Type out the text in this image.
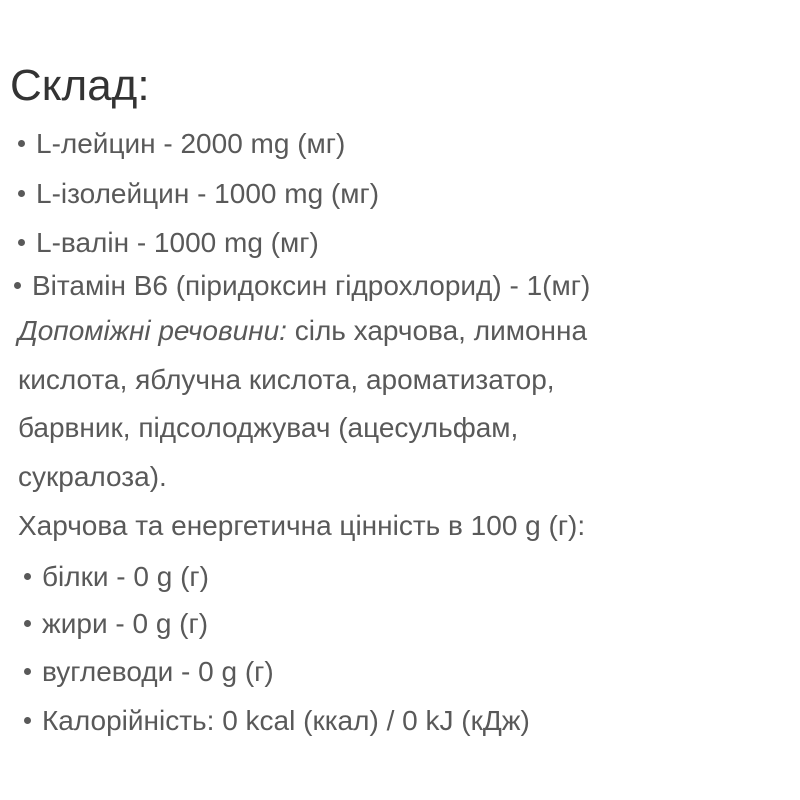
Склад:
L-лейцин - 2000 mg (мг)
L-ізолейцин - 1000 mg (мг)
L-валін - 1000 mg (мг)
Вітамін В6 (піридоксин гідрохлорид) - 1(мг)
Допоміжні речовини: сіль харчова, лимонна
кислота, яблучна кислота, ароматизатор,
барвник, підсолоджувач (ацесульфам,
сукралоза).
Харчова та енергетична цінність в 100 g (г):
білки - 0 g (г)
жири - 0 g (г)
вуглеводи - 0 g (г)
Калорійність: 0 kcal (ккал) / 0 kJ (кДж)
